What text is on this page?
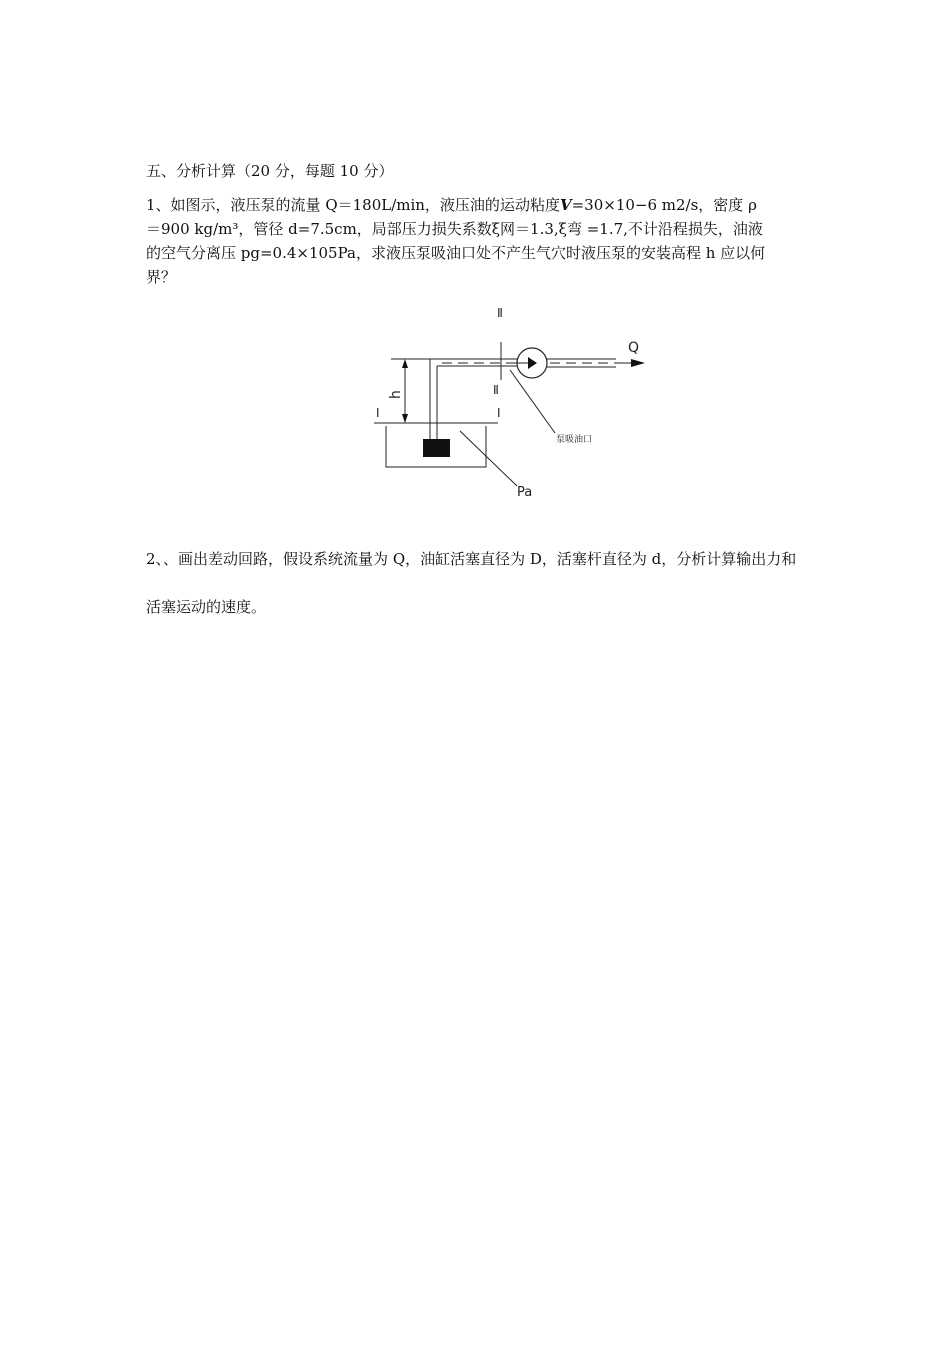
五、分析计算（20 分，每题 10 分）

1、如图示，液压泵的流量 Q＝180L/min，液压油的运动粘度V=30×10−6 m2/s，密度 ρ
＝900 kg/m³，管径 d=7.5cm，局部压力损失系数ξ网＝1.3,ξ弯 =1.7,不计沿程损失，油液
的空气分离压 pg=0.4×105Pa，求液压泵吸油口处不产生气穴时液压泵的安装高程 h 应以何
界？

Ⅱ
Ⅱ
Ⅰ	Ⅰ
h
Q
泵吸油口
Pa

2、、画出差动回路，假设系统流量为 Q，油缸活塞直径为 D，活塞杆直径为 d，分析计算输出力和
活塞运动的速度。
